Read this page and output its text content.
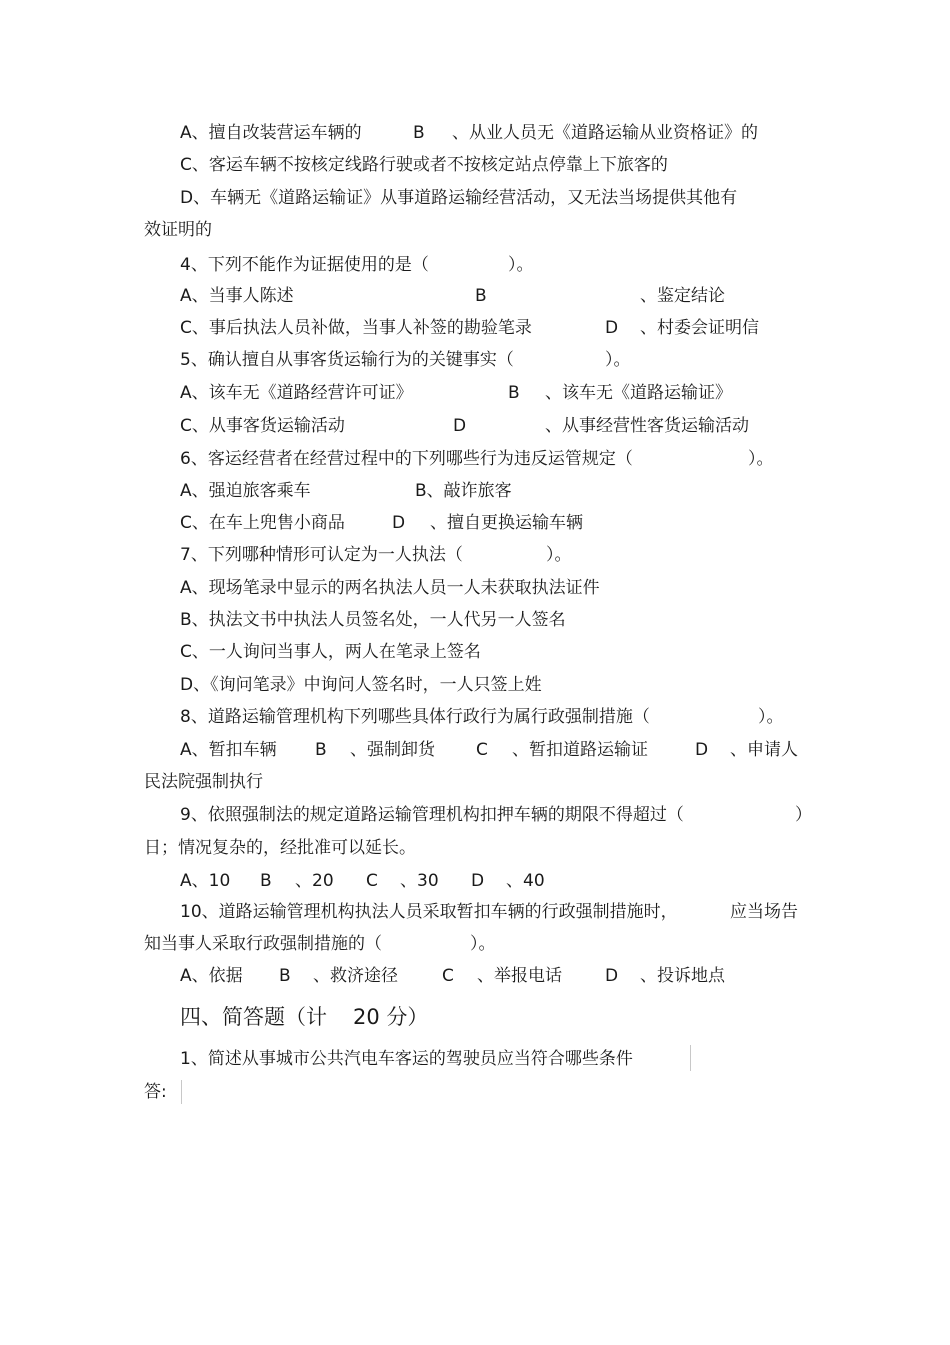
A、擅自改装营运车辆的	B 、从业人员无《道路运输从业资格证》的
C、客运车辆不按核定线路行驶或者不按核定站点停靠上下旅客的
D、车辆无《道路运输证》从事道路运输经营活动，又无法当场提供其他有
效证明的
4、下列不能作为证据使用的是（	）。
A、当事人陈述	B	、鉴定结论
C、事后执法人员补做，当事人补签的勘验笔录	D 、村委会证明信
5、确认擅自从事客货运输行为的关键事实（	）。
A、该车无《道路经营许可证》	B 、该车无《道路运输证》
C、从事客货运输活动	D	、从事经营性客货运输活动
6、客运经营者在经营过程中的下列哪些行为违反运管规定（	）。
A、强迫旅客乘车	B、敲诈旅客
C、在车上兜售小商品	D 、擅自更换运输车辆
7、下列哪种情形可认定为一人执法（	）。
A、现场笔录中显示的两名执法人员一人未获取执法证件
B、执法文书中执法人员签名处，一人代另一人签名
C、一人询问当事人，两人在笔录上签名
D、《询问笔录》中询问人签名时，一人只签上姓
8、道路运输管理机构下列哪些具体行政行为属行政强制措施（	）。
A、暂扣车辆 B 、强制卸货 C 、暂扣道路运输证	D 、申请人
民法院强制执行
9、依照强制法的规定道路运输管理机构扣押车辆的期限不得超过（	）
日；情况复杂的，经批准可以延长。
A、10 B 、20 C 、30 D 、40
10、道路运输管理机构执法人员采取暂扣车辆的行政强制措施时，	应当场告
知当事人采取行政强制措施的（	）。
A、依据 B 、救济途径	C 、举报电话	D 、投诉地点
四、简答题（计 20 分）
1、简述从事城市公共汽电车客运的驾驶员应当符合哪些条件
答:
